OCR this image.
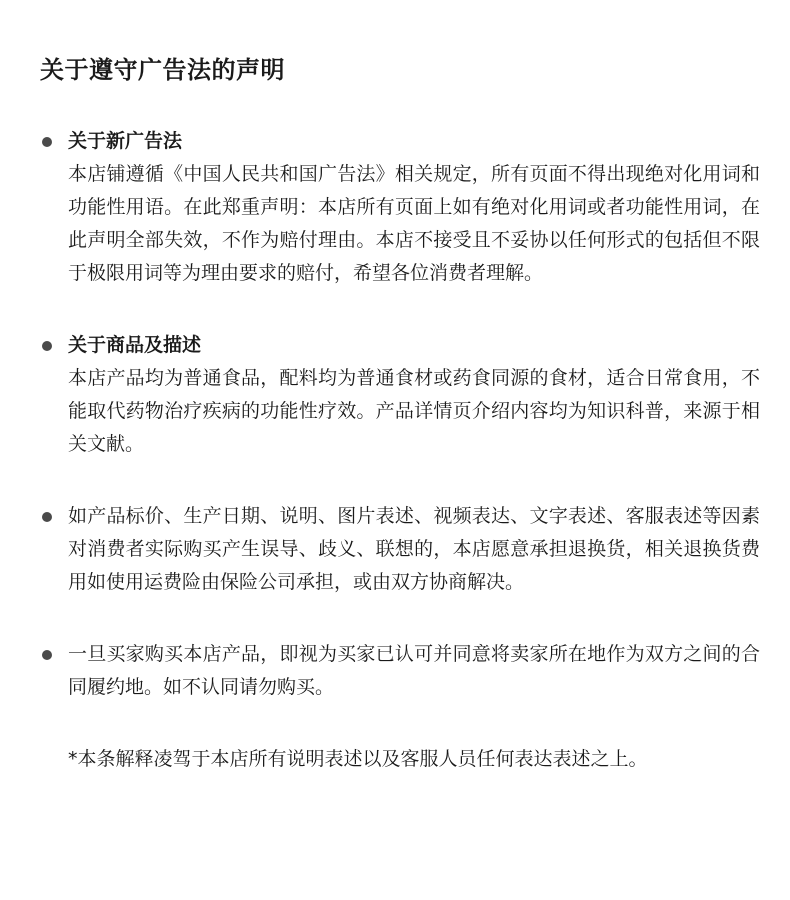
关于遵守广告法的声明

关于新广告法

本店铺遵循《中国人民共和国广告法》相关规定，所有页面不得出现绝对化用词和功能性用语。在此郑重声明：本店所有页面上如有绝对化用词或者功能性用词，在此声明全部失效，不作为赔付理由。本店不接受且不妥协以任何形式的包括但不限于极限用词等为理由要求的赔付，希望各位消费者理解。

关于商品及描述

本店产品均为普通食品，配料均为普通食材或药食同源的食材，适合日常食用，不能取代药物治疗疾病的功能性疗效。产品详情页介绍内容均为知识科普，来源于相关文献。

如产品标价、生产日期、说明、图片表述、视频表达、文字表述、客服表述等因素对消费者实际购买产生误导、歧义、联想的，本店愿意承担退换货，相关退换货费用如使用运费险由保险公司承担，或由双方协商解决。

一旦买家购买本店产品，即视为买家已认可并同意将卖家所在地作为双方之间的合同履约地。如不认同请勿购买。

*本条解释凌驾于本店所有说明表述以及客服人员任何表达表述之上。
